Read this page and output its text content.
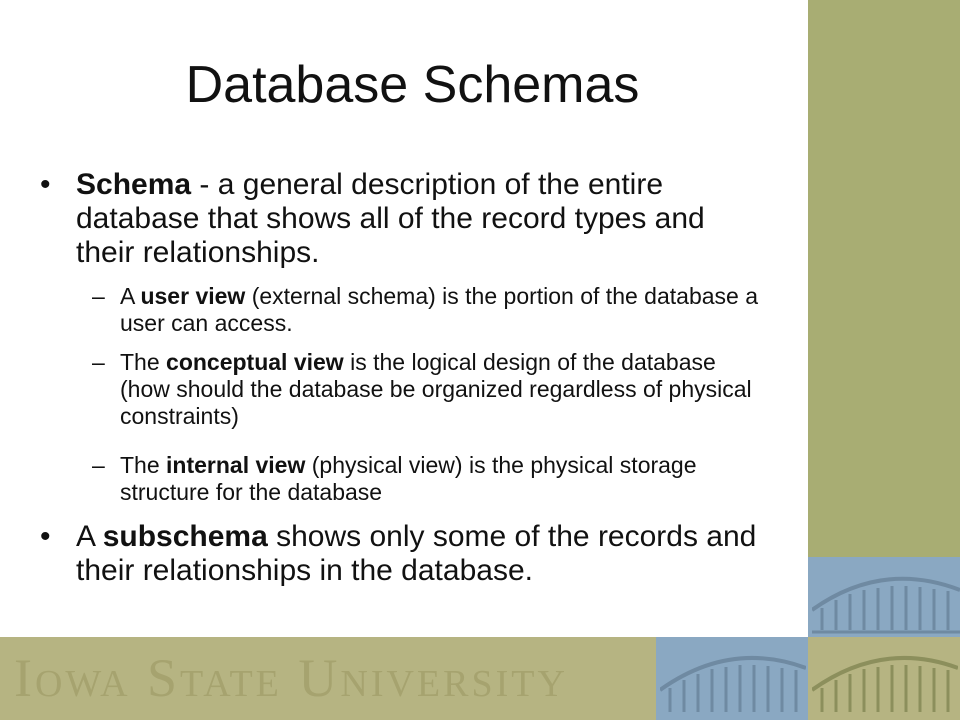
Iowa State University
Database Schemas
• Schema - a general description of the entire database that shows all of the record types and their relationships.
– A user view (external schema) is the portion of the database a user can access.
– The conceptual view is the logical design of the database (how should the database be organized regardless of physical constraints)
– The internal view (physical view) is the physical storage structure for the database
• A subschema shows only some of the records and their relationships in the database.
